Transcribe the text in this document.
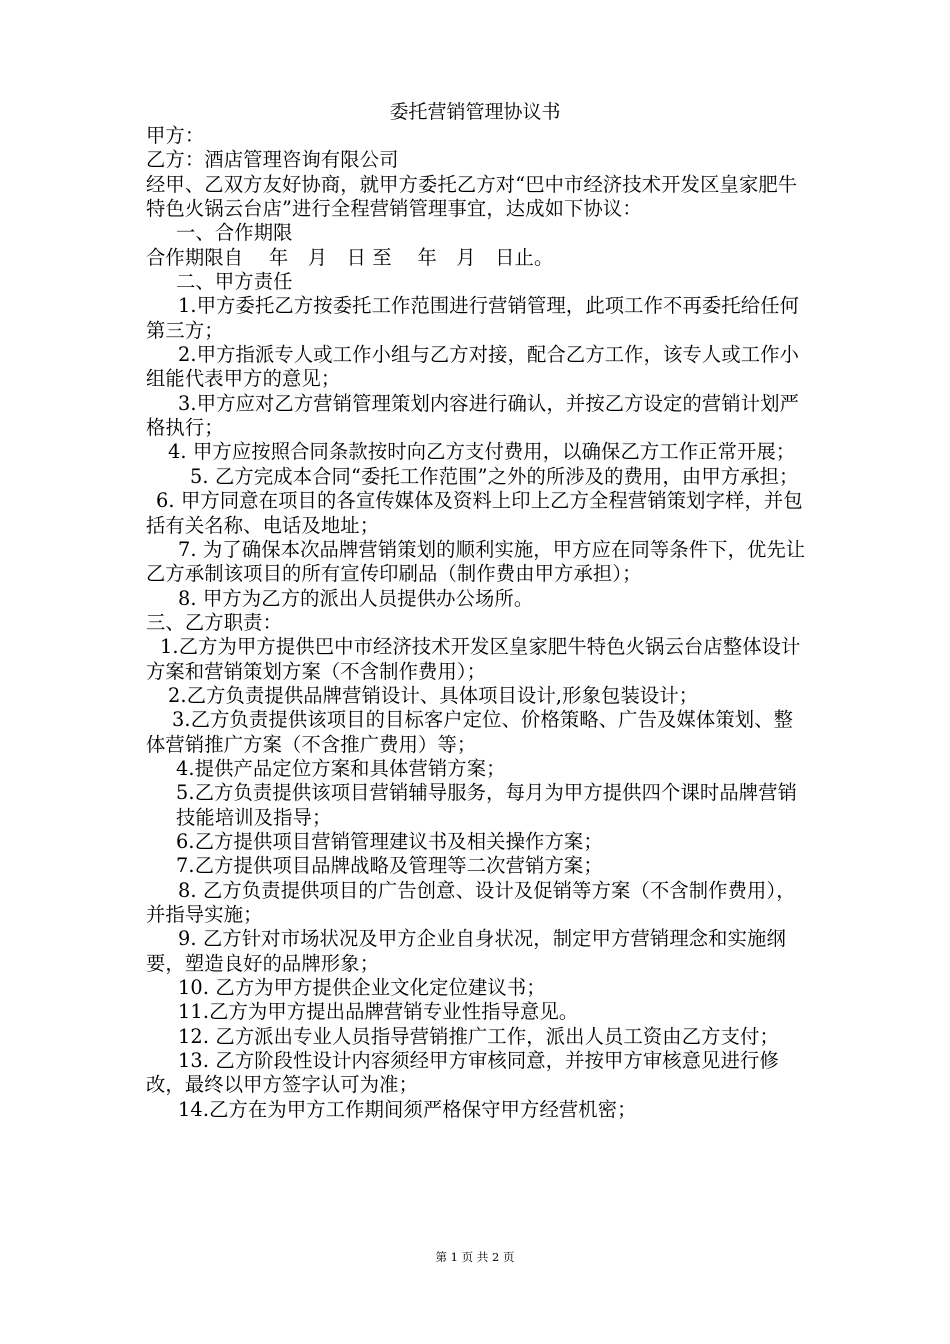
委托营销管理协议书

甲方：

乙方：酒店管理咨询有限公司

经甲、乙双方友好协商，就甲方委托乙方对“巴中市经济技术开发区皇家肥牛特色火锅云台店”进行全程营销管理事宜，达成如下协议：

一、合作期限

合作期限自　 年　月　日 至　 年　月　日止。

二、甲方责任

1.甲方委托乙方按委托工作范围进行营销管理，此项工作不再委托给任何第三方；

2.甲方指派专人或工作小组与乙方对接，配合乙方工作，该专人或工作小组能代表甲方的意见；

3.甲方应对乙方营销管理策划内容进行确认，并按乙方设定的营销计划严格执行；

4. 甲方应按照合同条款按时向乙方支付费用，以确保乙方工作正常开展；

5. 乙方完成本合同“委托工作范围”之外的所涉及的费用，由甲方承担；

6. 甲方同意在项目的各宣传媒体及资料上印上乙方全程营销策划字样，并包括有关名称、电话及地址；

7. 为了确保本次品牌营销策划的顺利实施，甲方应在同等条件下，优先让乙方承制该项目的所有宣传印刷品（制作费由甲方承担）；

8. 甲方为乙方的派出人员提供办公场所。

三、乙方职责：

1.乙方为甲方提供巴中市经济技术开发区皇家肥牛特色火锅云台店整体设计方案和营销策划方案（不含制作费用）；

2.乙方负责提供品牌营销设计、具体项目设计,形象包装设计；

3.乙方负责提供该项目的目标客户定位、价格策略、广告及媒体策划、整体营销推广方案（不含推广费用）等；

4.提供产品定位方案和具体营销方案；

5.乙方负责提供该项目营销辅导服务，每月为甲方提供四个课时品牌营销技能培训及指导；

6.乙方提供项目营销管理建议书及相关操作方案；

7.乙方提供项目品牌战略及管理等二次营销方案；

8. 乙方负责提供项目的广告创意、设计及促销等方案（不含制作费用），并指导实施；

9. 乙方针对市场状况及甲方企业自身状况，制定甲方营销理念和实施纲要，塑造良好的品牌形象；

10. 乙方为甲方提供企业文化定位建议书；

11.乙方为甲方提出品牌营销专业性指导意见。

12. 乙方派出专业人员指导营销推广工作，派出人员工资由乙方支付；

13. 乙方阶段性设计内容须经甲方审核同意，并按甲方审核意见进行修改，最终以甲方签字认可为准；

14.乙方在为甲方工作期间须严格保守甲方经营机密；

第 1 页 共 2 页
